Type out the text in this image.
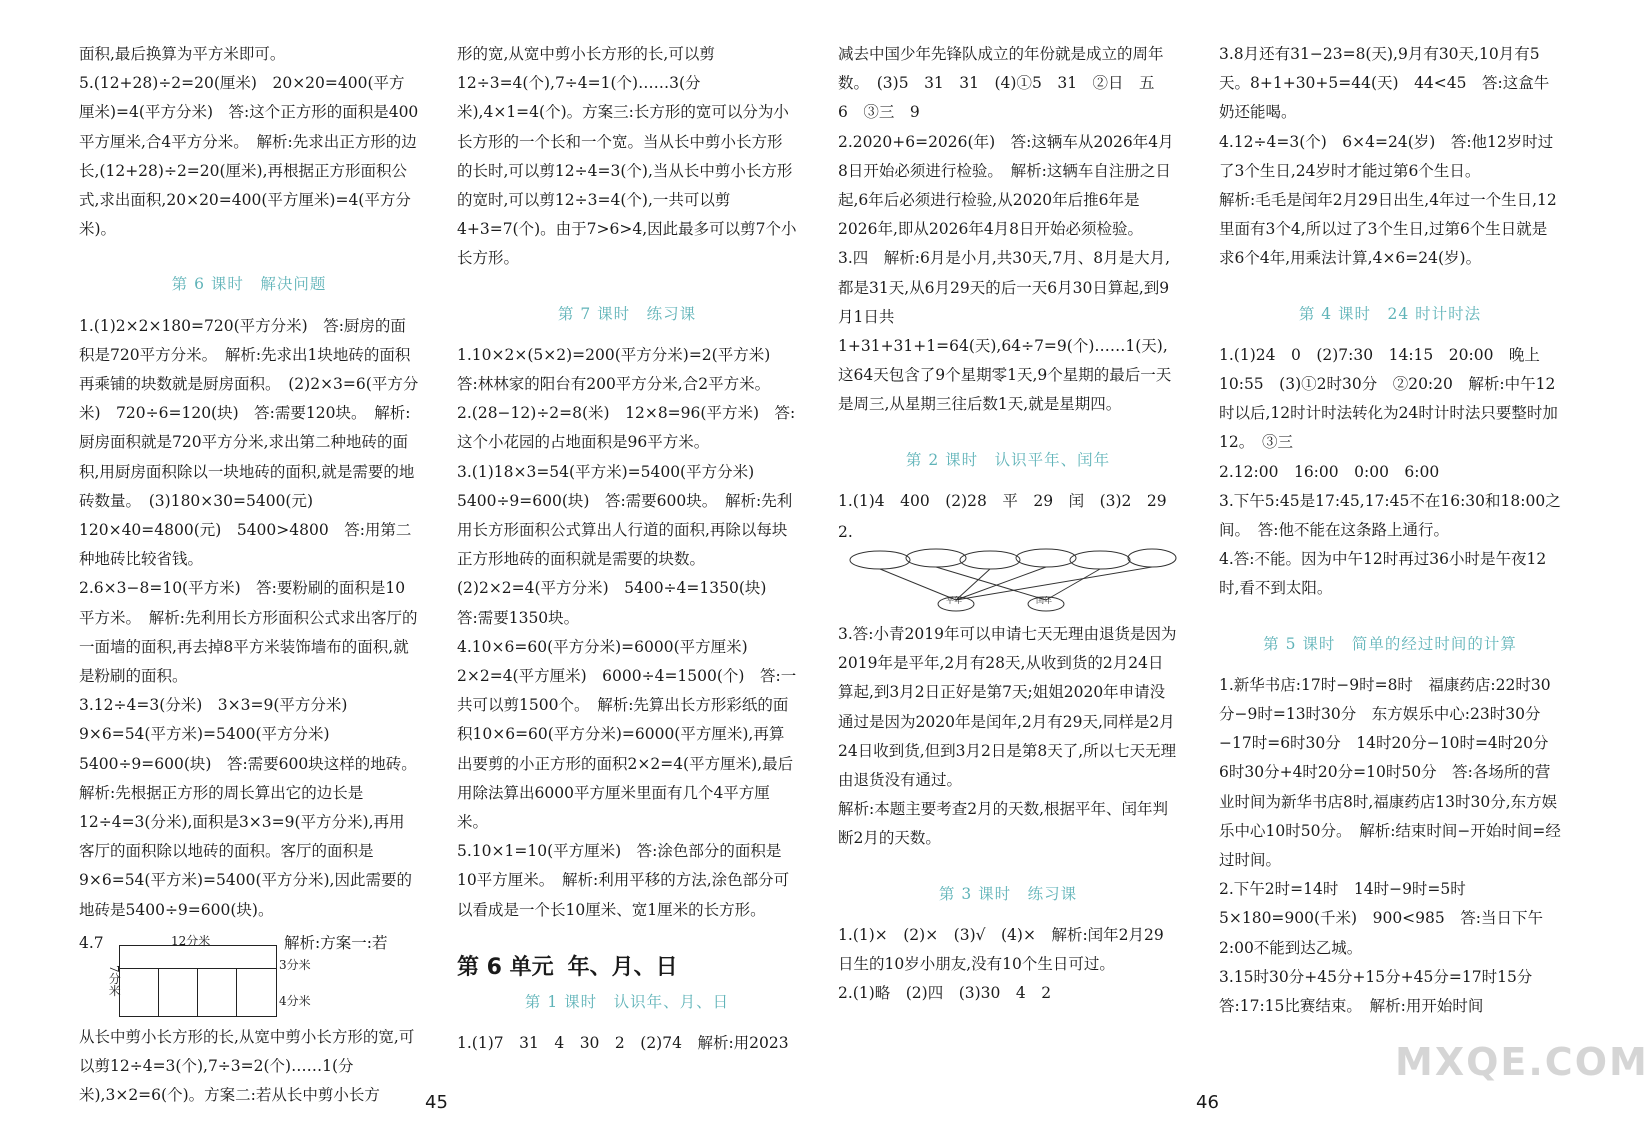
面积,最后换算为平方米即可。

5.(12+28)÷2=20(厘米)　20×20=400(平方厘米)=4(平方分米)　答:这个正方形的面积是400平方厘米,合4平方分米。　解析:先求出正方形的边长,(12+28)÷2=20(厘米),再根据正方形面积公式,求出面积,20×20=400(平方厘米)=4(平方分米)。

第 6 课时　解决问题

1.(1)2×2×180=720(平方分米)　答:厨房的面积是720平方分米。　解析:先求出1块地砖的面积再乘铺的块数就是厨房面积。　(2)2×3=6(平方分米)　720÷6=120(块)　答:需要120块。　解析:厨房面积就是720平方分米,求出第二种地砖的面积,用厨房面积除以一块地砖的面积,就是需要的地砖数量。　(3)180×30=5400(元)　120×40=4800(元)　5400>4800　答:用第二种地砖比较省钱。

2.6×3−8=10(平方米)　答:要粉刷的面积是10平方米。　解析:先利用长方形面积公式求出客厅的一面墙的面积,再去掉8平方米装饰墙布的面积,就是粉刷的面积。

3.12÷4=3(分米)　3×3=9(平方分米)　9×6=54(平方米)=5400(平方分米)　5400÷9=600(块)　答:需要600块这样的地砖。　解析:先根据正方形的周长算出它的边长是12÷4=3(分米),面积是3×3=9(平方分米),再用客厅的面积除以地砖的面积。客厅的面积是9×6=54(平方米)=5400(平方分米),因此需要的地砖是5400÷9=600(块)。

4.7	12分米
7分米	3分米
4分米
解析:方案一:若

从长中剪小长方形的长,从宽中剪小长方形的宽,可以剪12÷4=3(个),7÷3=2(个)……1(分米),3×2=6(个)。方案二:若从长中剪小长方

形的宽,从宽中剪小长方形的长,可以剪12÷3=4(个),7÷4=1(个)……3(分米),4×1=4(个)。方案三:长方形的宽可以分为小长方形的一个长和一个宽。当从长中剪小长方形的长时,可以剪12÷4=3(个),当从长中剪小长方形的宽时,可以剪12÷3=4(个),一共可以剪4+3=7(个)。由于7>6>4,因此最多可以剪7个小长方形。

第 7 课时　练习课

1.10×2×(5×2)=200(平方分米)=2(平方米)　答:林林家的阳台有200平方分米,合2平方米。

2.(28−12)÷2=8(米)　12×8=96(平方米)　答:这个小花园的占地面积是96平方米。

3.(1)18×3=54(平方米)=5400(平方分米)　5400÷9=600(块)　答:需要600块。　解析:先利用长方形面积公式算出人行道的面积,再除以每块正方形地砖的面积就是需要的块数。　(2)2×2=4(平方分米)　5400÷4=1350(块)　答:需要1350块。

4.10×6=60(平方分米)=6000(平方厘米)　2×2=4(平方厘米)　6000÷4=1500(个)　答:一共可以剪1500个。　解析:先算出长方形彩纸的面积10×6=60(平方分米)=6000(平方厘米),再算出要剪的小正方形的面积2×2=4(平方厘米),最后用除法算出6000平方厘米里面有几个4平方厘米。

5.10×1=10(平方厘米)　答:涂色部分的面积是10平方厘米。　解析:利用平移的方法,涂色部分可以看成是一个长10厘米、宽1厘米的长方形。

第 6 单元 年、月、日

第 1 课时　认识年、月、日

1.(1)7　31　4　30　2　(2)74　解析:用2023

减去中国少年先锋队成立的年份就是成立的周年数。　(3)5　31　31　(4)①5　31　②日　五　6　③三　9

2.2020+6=2026(年)　答:这辆车从2026年4月8日开始必须进行检验。　解析:这辆车自注册之日起,6年后必须进行检验,从2020年后推6年是2026年,即从2026年4月8日开始必须检验。

3.四　解析:6月是小月,共30天,7月、8月是大月,都是31天,从6月29天的后一天6月30日算起,到9月1日共1+31+31+1=64(天),64÷7=9(个)……1(天),这64天包含了9个星期零1天,9个星期的最后一天是周三,从星期三往后数1天,就是星期四。

第 2 课时　认识平年、闰年

1.(1)4　400　(2)28　平　29　闰　(3)2　29

2.
平年	闰年

3.答:小青2019年可以申请七天无理由退货是因为2019年是平年,2月有28天,从收到货的2月24日算起,到3月2日正好是第7天;姐姐2020年申请没通过是因为2020年是闰年,2月有29天,同样是2月24日收到货,但到3月2日是第8天了,所以七天无理由退货没有通过。

解析:本题主要考查2月的天数,根据平年、闰年判断2月的天数。

第 3 课时　练习课

1.(1)×　(2)×　(3)√　(4)×　解析:闰年2月29日生的10岁小朋友,没有10个生日可过。

2.(1)略　(2)四　(3)30　4　2

3.8月还有31−23=8(天),9月有30天,10月有5天。8+1+30+5=44(天)　44<45　答:这盒牛奶还能喝。

4.12÷4=3(个)　6×4=24(岁)　答:他12岁时过了3个生日,24岁时才能过第6个生日。

解析:毛毛是闰年2月29日出生,4年过一个生日,12里面有3个4,所以过了3个生日,过第6个生日就是求6个4年,用乘法计算,4×6=24(岁)。

第 4 课时　24 时计时法

1.(1)24　0　(2)7:30　14:15　20:00　晚上10:55　(3)①2时30分　②20:20　解析:中午12时以后,12时计时法转化为24时计时法只要整时加12。　③三

2.12:00　16:00　0:00　6:00

3.下午5:45是17:45,17:45不在16:30和18:00之间。　答:他不能在这条路上通行。

4.答:不能。因为中午12时再过36小时是午夜12时,看不到太阳。

第 5 课时　简单的经过时间的计算

1.新华书店:17时−9时=8时　福康药店:22时30分−9时=13时30分　东方娱乐中心:23时30分−17时=6时30分　14时20分−10时=4时20分　6时30分+4时20分=10时50分　答:各场所的营业时间为新华书店8时,福康药店13时30分,东方娱乐中心10时50分。　解析:结束时间−开始时间=经过时间。

2.下午2时=14时　14时−9时=5时　5×180=900(千米)　900<985　答:当日下午2:00不能到达乙城。

3.15时30分+45分+15分+45分=17时15分　答:17:15比赛结束。　解析:用开始时间

45	46
MXQE.COM
